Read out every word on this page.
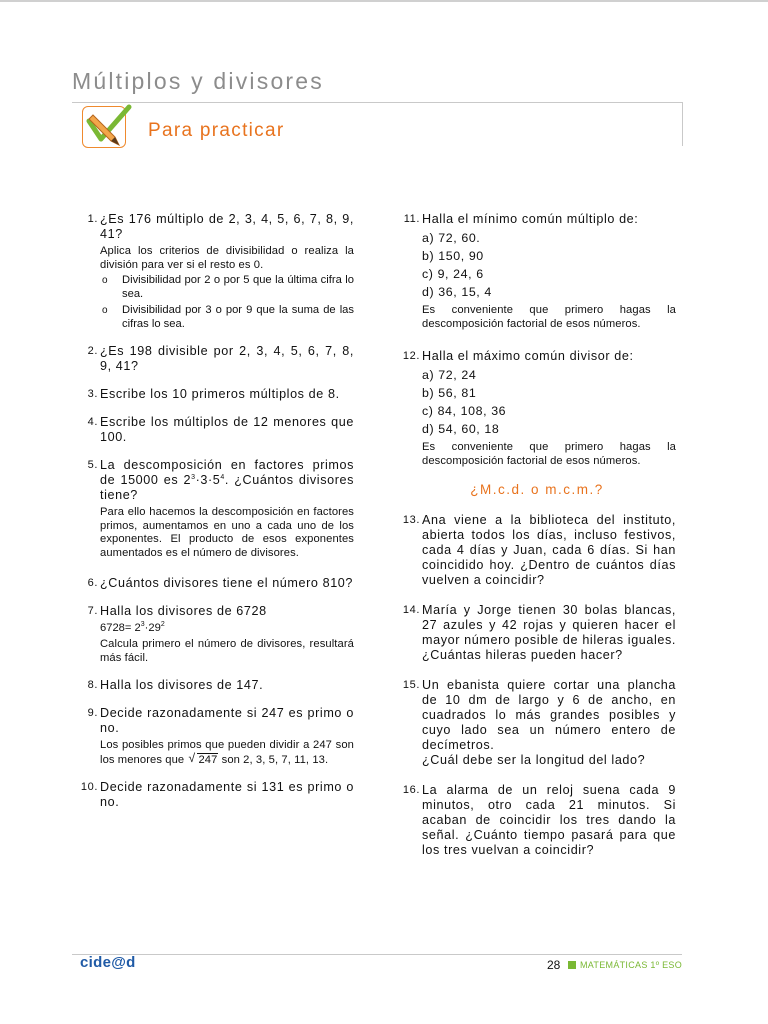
Múltiplos y divisores
Para practicar
1. ¿Es 176 múltiplo de 2, 3, 4, 5, 6, 7, 8, 9, 41?
Aplica los criterios de divisibilidad o realiza la división para ver si el resto es 0.
o Divisibilidad por 2 o por 5 que la última cifra lo sea.
o Divisibilidad por 3 o por 9 que la suma de las cifras lo sea.
2. ¿Es 198 divisible por 2, 3, 4, 5, 6, 7, 8, 9, 41?
3. Escribe los 10 primeros múltiplos de 8.
4. Escribe los múltiplos de 12 menores que 100.
5. La descomposición en factores primos de 15000 es $2^3\cdot 3\cdot 5^4$. ¿Cuántos divisores tiene?
Para ello hacemos la descomposición en factores primos, aumentamos en uno a cada uno de los exponentes. El producto de esos exponentes aumentados es el número de divisores.
6. ¿Cuántos divisores tiene el número 810?
7. Halla los divisores de 6728
$6728= 2^3\cdot 29^2$
Calcula primero el número de divisores, resultará más fácil.
8. Halla los divisores de 147.
9. Decide razonadamente si 247 es primo o no.
Los posibles primos que pueden dividir a 247 son los menores que √ 247 son 2, 3, 5, 7, 11, 13.
10. Decide razonadamente si 131 es primo o no.
11. Halla el mínimo común múltiplo de:
a) 72, 60.
b) 150, 90
c) 9, 24, 6
d) 36, 15, 4
Es conveniente que primero hagas la descomposición factorial de esos números.
12. Halla el máximo común divisor de:
a) 72, 24
b) 56, 81
c) 84, 108, 36
d) 54, 60, 18
Es conveniente que primero hagas la descomposición factorial de esos números.
¿M.c.d. o m.c.m.?
13. Ana viene a la biblioteca del instituto, abierta todos los días, incluso festivos, cada 4 días y Juan, cada 6 días. Si han coincidido hoy. ¿Dentro de cuántos días vuelven a coincidir?
14. María y Jorge tienen 30 bolas blancas, 27 azules y 42 rojas y quieren hacer el mayor número posible de hileras iguales. ¿Cuántas hileras pueden hacer?
15. Un ebanista quiere cortar una plancha de 10 dm de largo y 6 de ancho, en cuadrados lo más grandes posibles y cuyo lado sea un número entero de decímetros.
¿Cuál debe ser la longitud del lado?
16. La alarma de un reloj suena cada 9 minutos, otro cada 21 minutos. Si acaban de coincidir los tres dando la señal. ¿Cuánto tiempo pasará para que los tres vuelvan a coincidir?
cide@d	28 MATEMÁTICAS 1º ESO
